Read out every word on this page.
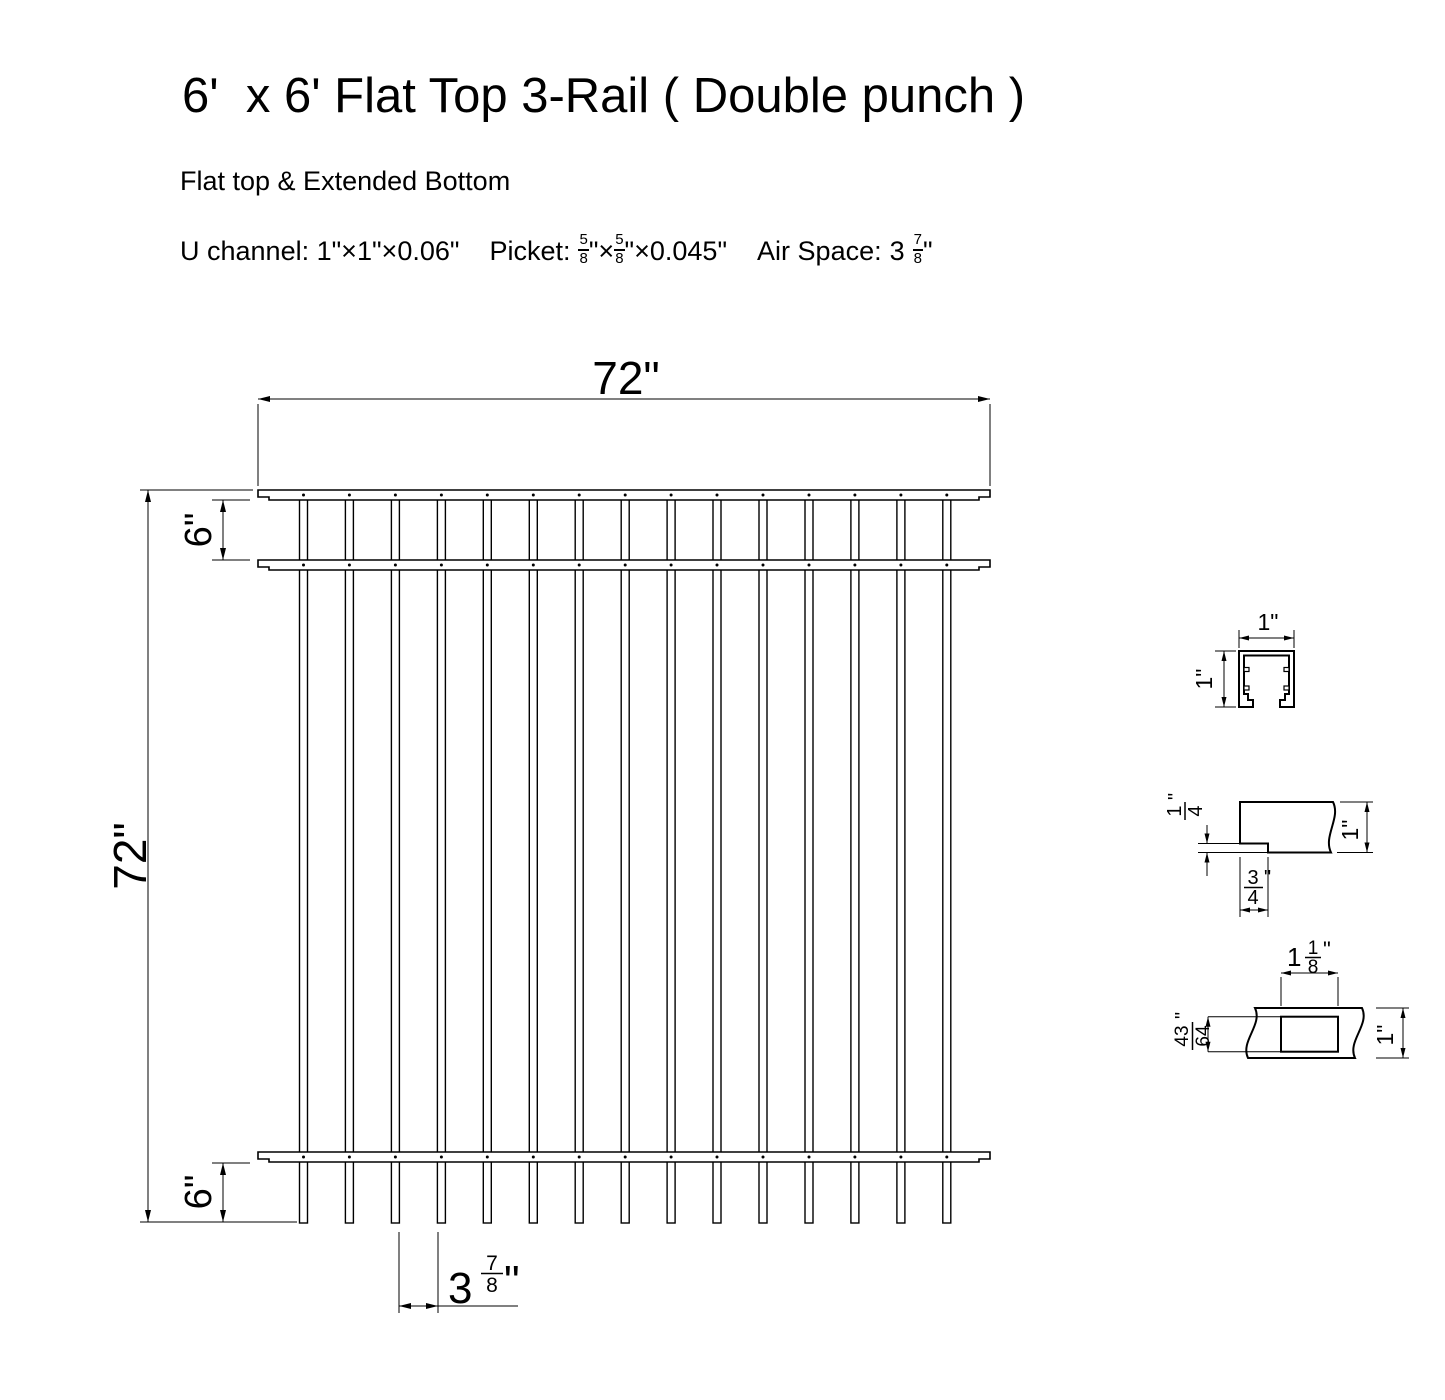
6'  x 6' Flat Top 3-Rail ( Double punch )
Flat top & Extended Bottom
U channel: 1"×1"×0.06" Picket: $\frac{5}{8}$ "× $\frac{5}{8}$ "×0.045" Air Space: $3 \frac{7}{8}$ "
72"
72"
6"
6"
3
7
8 "
1"
1"
1 4
"
3
4
"
1"
1 1
8
"
43 64
"
1"
